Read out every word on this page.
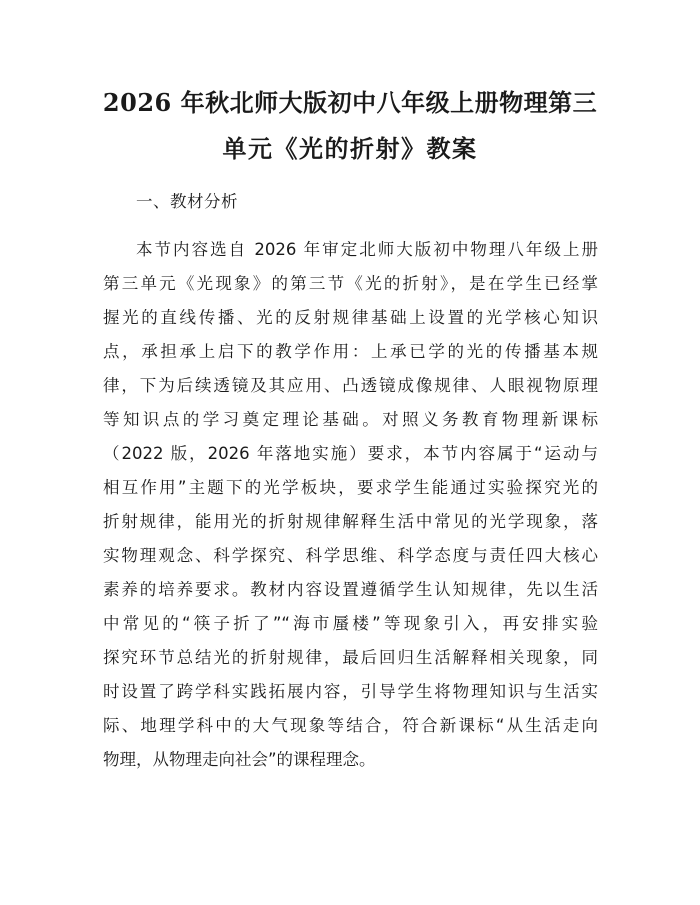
2026 年秋北师大版初中八年级上册物理第三
单元《光的折射》教案
一、教材分析
本节内容选自 2026 年审定北师大版初中物理八年级上册
第三单元《光现象》的第三节《光的折射》，是在学生已经掌
握光的直线传播、光的反射规律基础上设置的光学核心知识
点，承担承上启下的教学作用：上承已学的光的传播基本规
律，下为后续透镜及其应用、凸透镜成像规律、人眼视物原理
等知识点的学习奠定理论基础。对照义务教育物理新课标
（2022 版，2026 年落地实施）要求，本节内容属于“运动与
相互作用”主题下的光学板块，要求学生能通过实验探究光的
折射规律，能用光的折射规律解释生活中常见的光学现象，落
实物理观念、科学探究、科学思维、科学态度与责任四大核心
素养的培养要求。教材内容设置遵循学生认知规律，先以生活
中常见的“筷子折了”“海市蜃楼”等现象引入，再安排实验
探究环节总结光的折射规律，最后回归生活解释相关现象，同
时设置了跨学科实践拓展内容，引导学生将物理知识与生活实
际、地理学科中的大气现象等结合，符合新课标“从生活走向
物理，从物理走向社会”的课程理念。
